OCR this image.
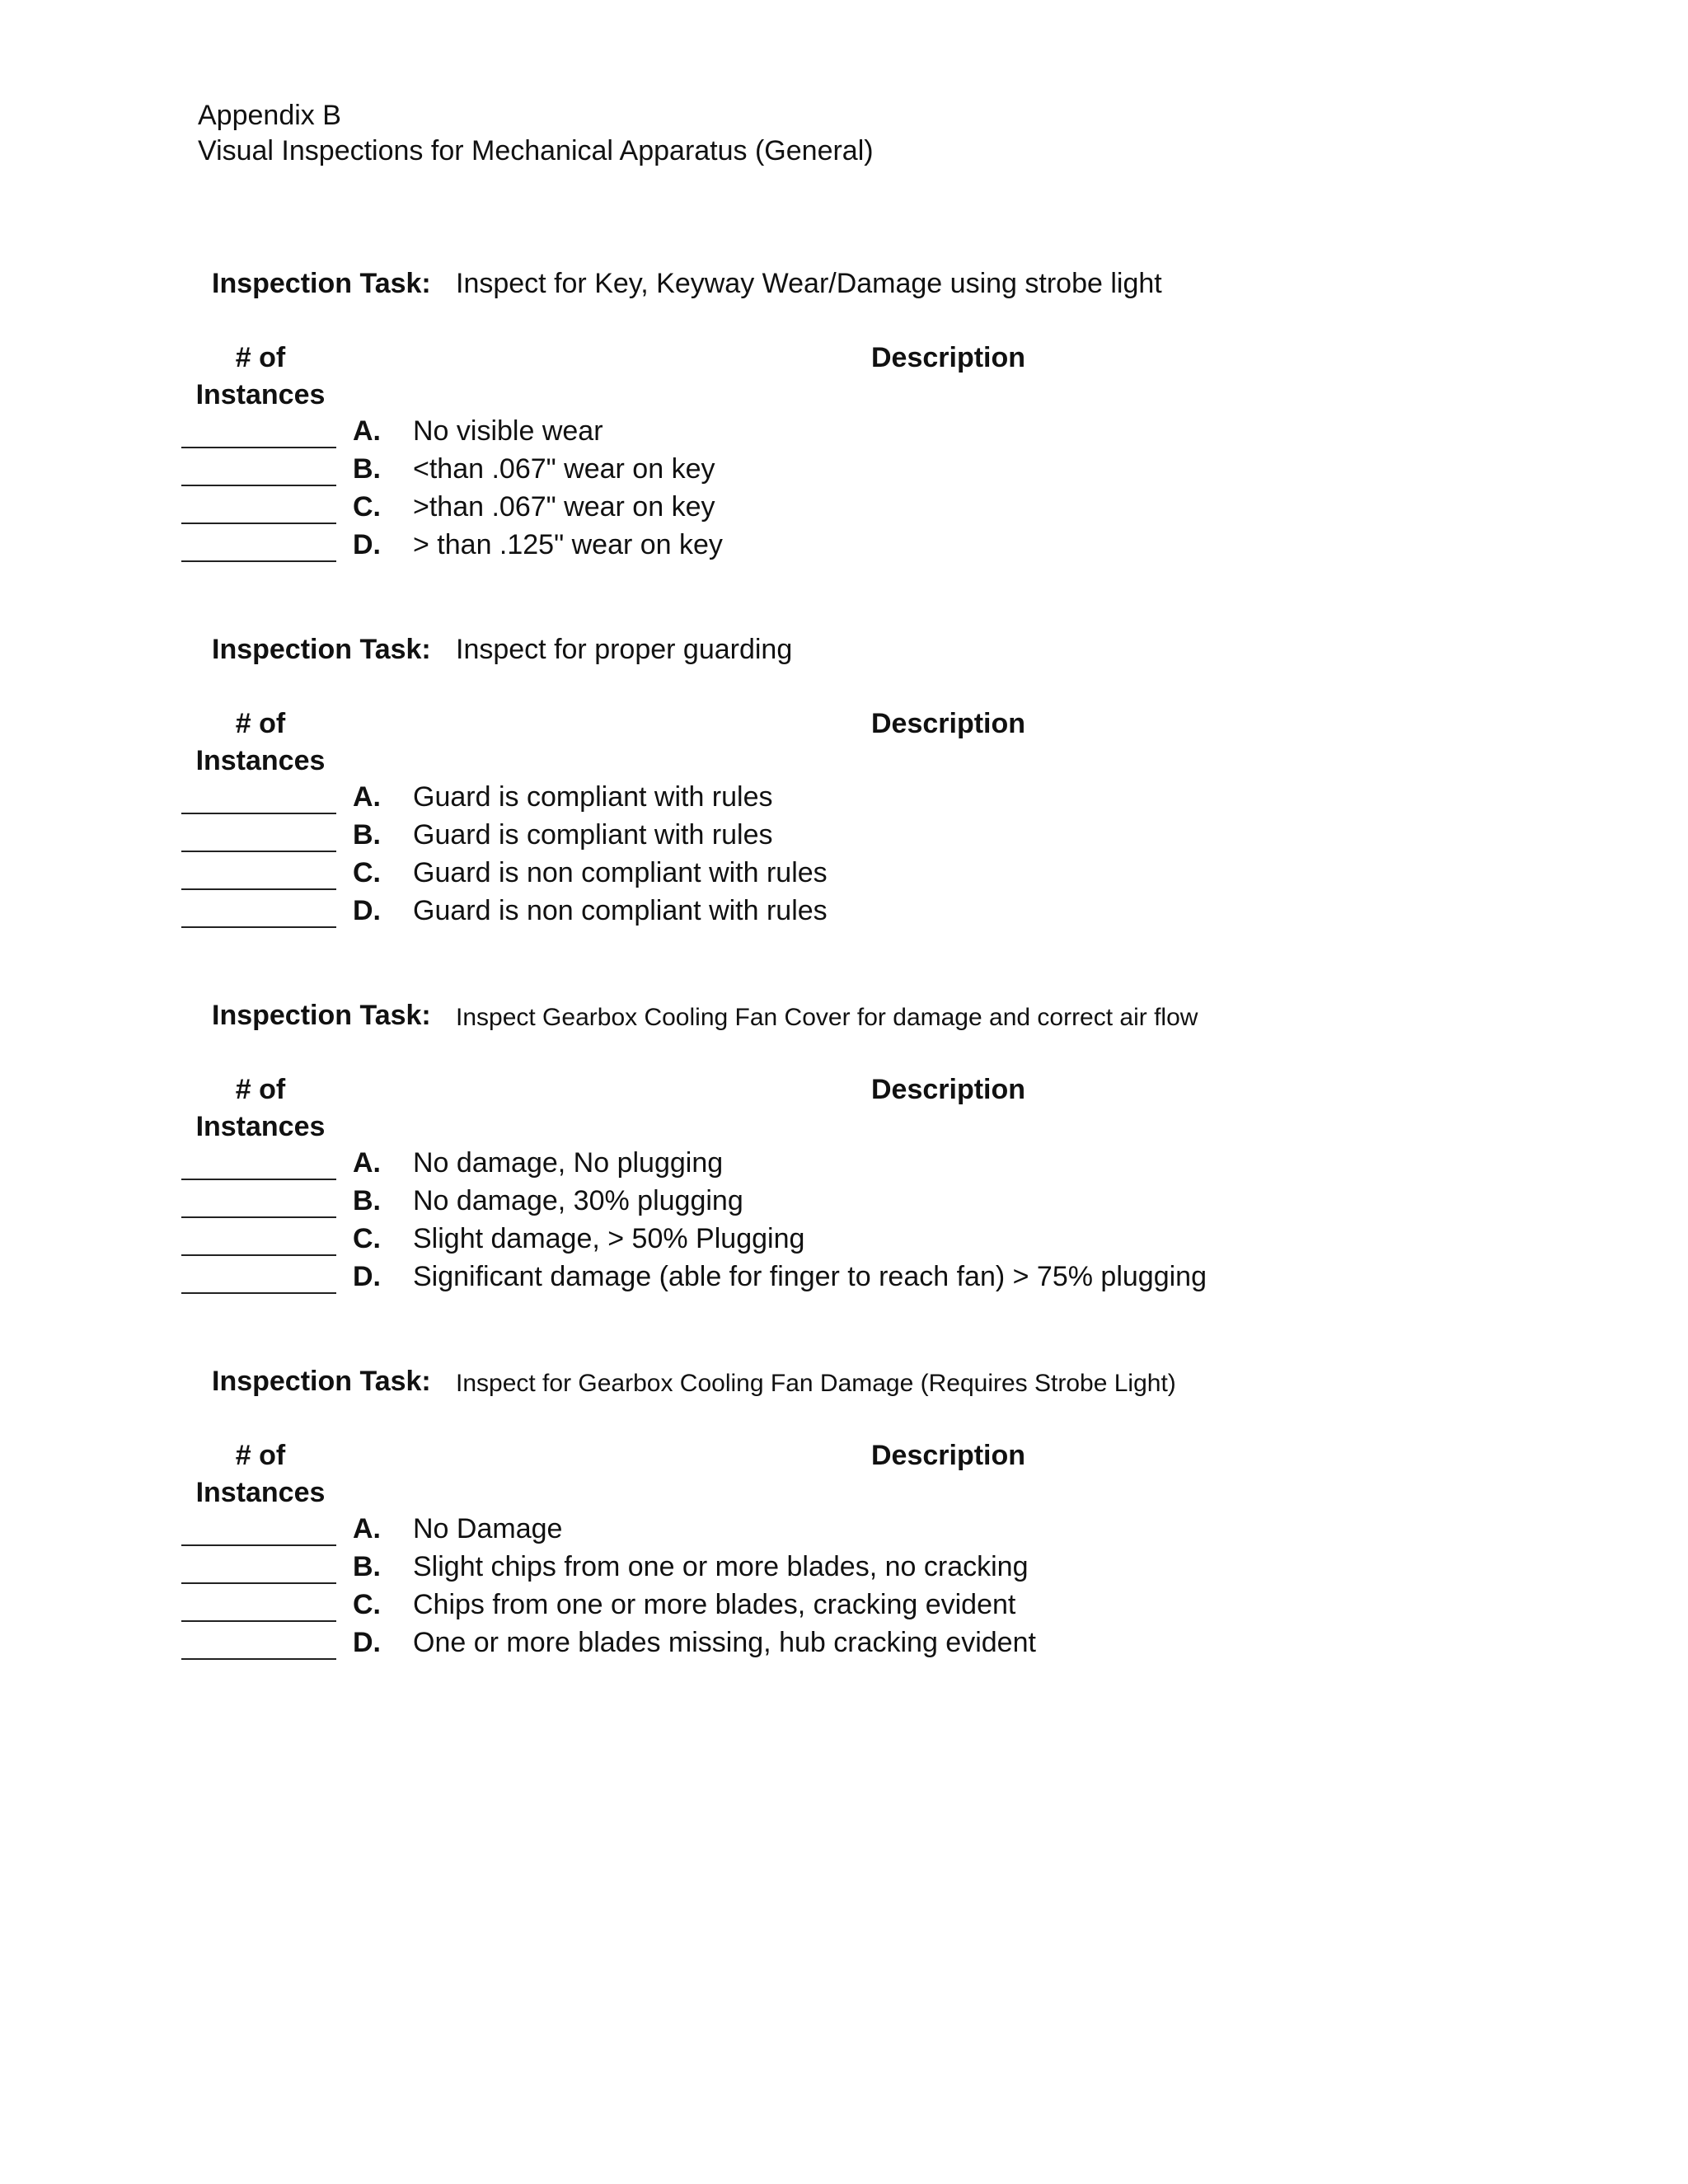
Appendix B
Visual Inspections for Mechanical Apparatus (General)
Inspection Task: Inspect for Key, Keyway Wear/Damage using strobe light
# of
Instances
Description
A. No visible wear
B. <than .067" wear on key
C. >than .067" wear on key
D. > than .125" wear on key
Inspection Task: Inspect for proper guarding
# of
Instances
Description
A. Guard is compliant with rules
B. Guard is compliant with rules
C. Guard is non compliant with rules
D. Guard is non compliant with rules
Inspection Task: Inspect Gearbox Cooling Fan Cover for damage and correct air flow
# of
Instances
Description
A. No damage, No plugging
B. No damage, 30% plugging
C. Slight damage, > 50% Plugging
D. Significant damage (able for finger to reach fan) > 75% plugging
Inspection Task: Inspect for Gearbox Cooling Fan Damage (Requires Strobe Light)
# of
Instances
Description
A. No Damage
B. Slight chips from one or more blades, no cracking
C. Chips from one or more blades, cracking evident
D. One or more blades missing, hub cracking evident
